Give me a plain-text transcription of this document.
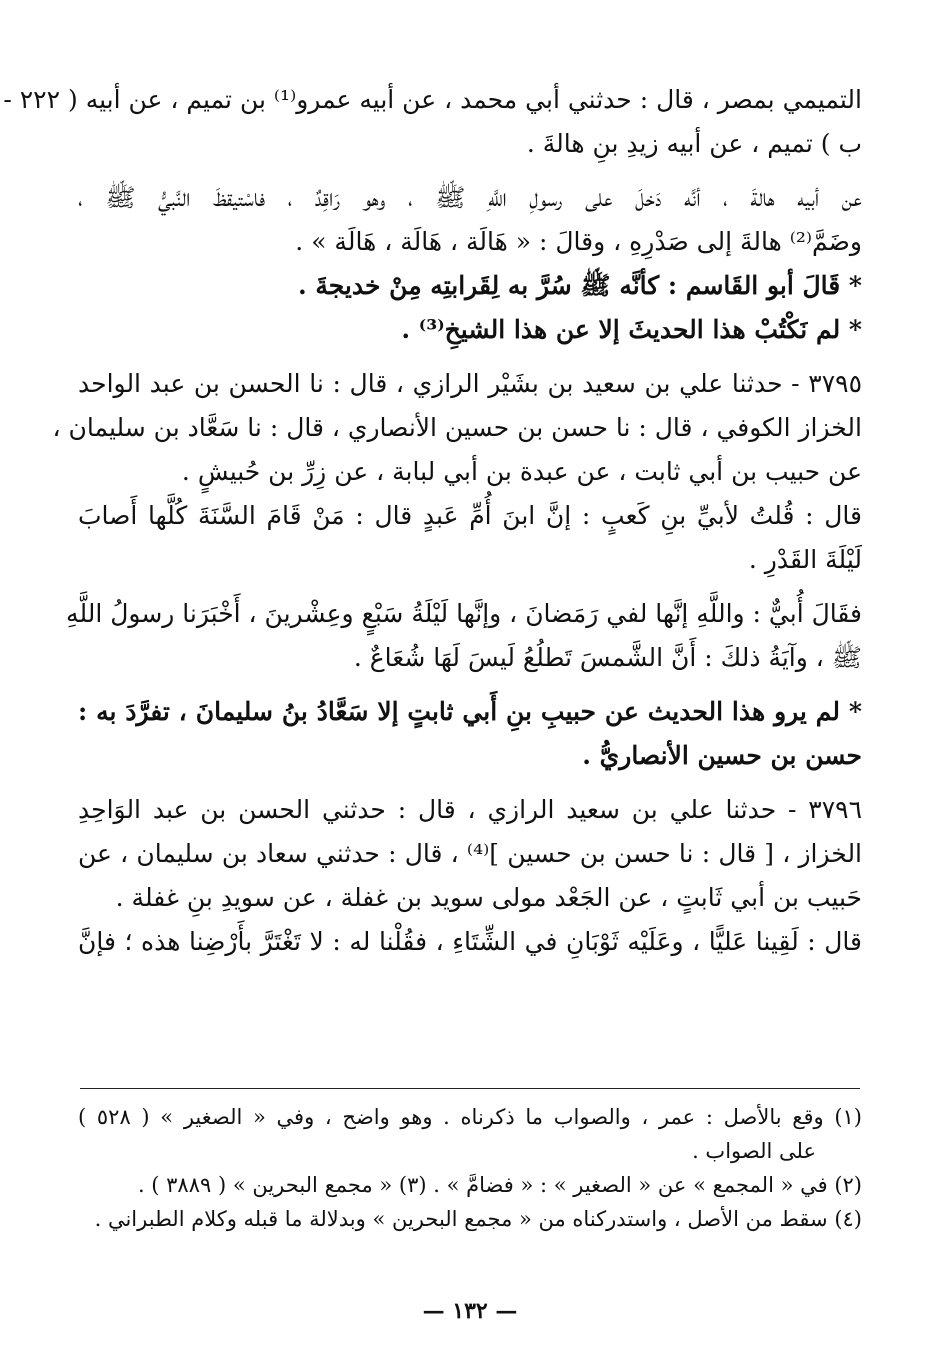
التميمي بمصر ، قال : حدثني أبي محمد ، عن أبيه عمرو⁽¹⁾ بن تميم ، عن أبيه ( ٢٢٢ -
ب ) تميم ، عن أبيه زيدِ بنِ هالةَ .
عن أبيه هالةَ ، أنَّه دَخلَ على رسولِ اللَّهِ ﷺ ، وهو رَاقِدٌ ، فاسْتيقظَ النَّبيُّ ﷺ ،
وضَمَّ⁽²⁾ هالةَ إلى صَدْرِهِ ، وقالَ : « هَالَة ، هَالَة ، هَالَة » .
* قَالَ أبو القَاسم : كأنَّه ﷺ سُرَّ به لِقَرابتِه مِنْ خديجةَ .
* لم نَكْتُبْ هذا الحديثَ إلا عن هذا الشيخِ⁽³⁾ .
٣٧٩٥ - حدثنا علي بن سعيد بن بشَيْر الرازي ، قال : نا الحسن بن عبد الواحد
الخزاز الكوفي ، قال : نا حسن بن حسين الأنصاري ، قال : نا سَعَّاد بن سليمان ،
عن حبيب بن أبي ثابت ، عن عبدة بن أبي لبابة ، عن زِرِّ بن حُبيشٍ .
قال : قُلتُ لأبيِّ بنِ كَعبٍ : إنَّ ابنَ أُمِّ عَبدٍ قال : مَنْ قَامَ السَّنَةَ كُلَّها أَصابَ
لَيْلَةَ القَدْرِ .
فقَالَ أُبيٌّ : واللَّهِ إنَّها لفي رَمَضانَ ، وإنَّها لَيْلَةُ سَبْعٍ وعِشْرينَ ، أَخْبَرَنا رسولُ اللَّهِ
ﷺ ، وآيَةُ ذلكَ : أَنَّ الشَّمسَ تَطلُعُ لَيسَ لَهَا شُعَاعٌ .
* لم يرو هذا الحديث عن حبيبِ بنِ أَبي ثابتٍ إلا سَعَّادُ بنُ سليمانَ ، تفرَّدَ به :
حسن بن حسين الأنصاريُّ .
٣٧٩٦ - حدثنا علي بن سعيد الرازي ، قال : حدثني الحسن بن عبد الوَاحِدِ
الخزاز ، [ قال : نا حسن بن حسين ]⁽⁴⁾ ، قال : حدثني سعاد بن سليمان ، عن
حَبيب بن أبي ثَابتٍ ، عن الجَعْد مولى سويد بن غفلة ، عن سويدِ بنِ غفلة .
قال : لَقِينا عَليًّا ، وعَلَيْه ثَوْبَانِ في الشِّتَاءِ ، فقُلْنا له : لا تَغْتَرَّ بأَرْضِنا هذه ؛ فإنَّ
(١) وقع بالأصل : عمر ، والصواب ما ذكرناه . وهو واضح ، وفي « الصغير » ( ٥٢٨ )
على الصواب .
(٢) في « المجمع » عن « الصغير » : « فضامَّ » . (٣) « مجمع البحرين » ( ٣٨٨٩ ) .
(٤) سقط من الأصل ، واستدركناه من « مجمع البحرين » وبدلالة ما قبله وكلام الطبراني .
— ١٣٢ —
